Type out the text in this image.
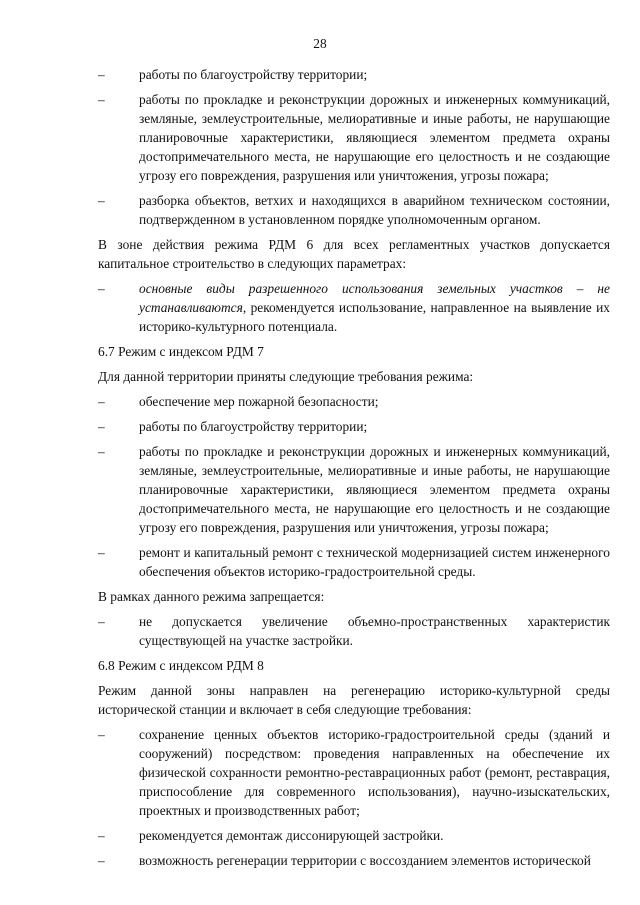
28
–	работы по благоустройству территории;
–	работы по прокладке и реконструкции дорожных и инженерных коммуникаций, земляные, землеустроительные, мелиоративные и иные работы, не нарушающие планировочные характеристики, являющиеся элементом предмета охраны достопримечательного места, не нарушающие его целостность и не создающие угрозу его повреждения, разрушения или уничтожения, угрозы пожара;
–	разборка объектов, ветхих и находящихся в аварийном техническом состоянии, подтвержденном в установленном порядке уполномоченным органом.
В зоне действия режима РДМ 6 для всех регламентных участков допускается капитальное строительство в следующих параметрах:
–	основные виды разрешенного использования земельных участков – не устанавливаются, рекомендуется использование, направленное на выявление их историко-культурного потенциала.
6.7 Режим с индексом РДМ 7
Для данной территории приняты следующие требования режима:
–	обеспечение мер пожарной безопасности;
–	работы по благоустройству территории;
–	работы по прокладке и реконструкции дорожных и инженерных коммуникаций, земляные, землеустроительные, мелиоративные и иные работы, не нарушающие планировочные характеристики, являющиеся элементом предмета охраны достопримечательного места, не нарушающие его целостность и не создающие угрозу его повреждения, разрушения или уничтожения, угрозы пожара;
–	ремонт и капитальный ремонт с технической модернизацией систем инженерного обеспечения объектов историко-градостроительной среды.
В рамках данного режима запрещается:
–	не допускается увеличение объемно-пространственных характеристик существующей на участке застройки.
6.8 Режим с индексом РДМ 8
Режим данной зоны направлен на регенерацию историко-культурной среды исторической станции и включает в себя следующие требования:
–	сохранение ценных объектов историко-градостроительной среды (зданий и сооружений) посредством: проведения направленных на обеспечение их физической сохранности ремонтно-реставрационных работ (ремонт, реставрация, приспособление для современного использования), научно-изыскательских, проектных и производственных работ;
–	рекомендуется демонтаж диссонирующей застройки.
–	возможность регенерации территории с воссозданием элементов исторической
